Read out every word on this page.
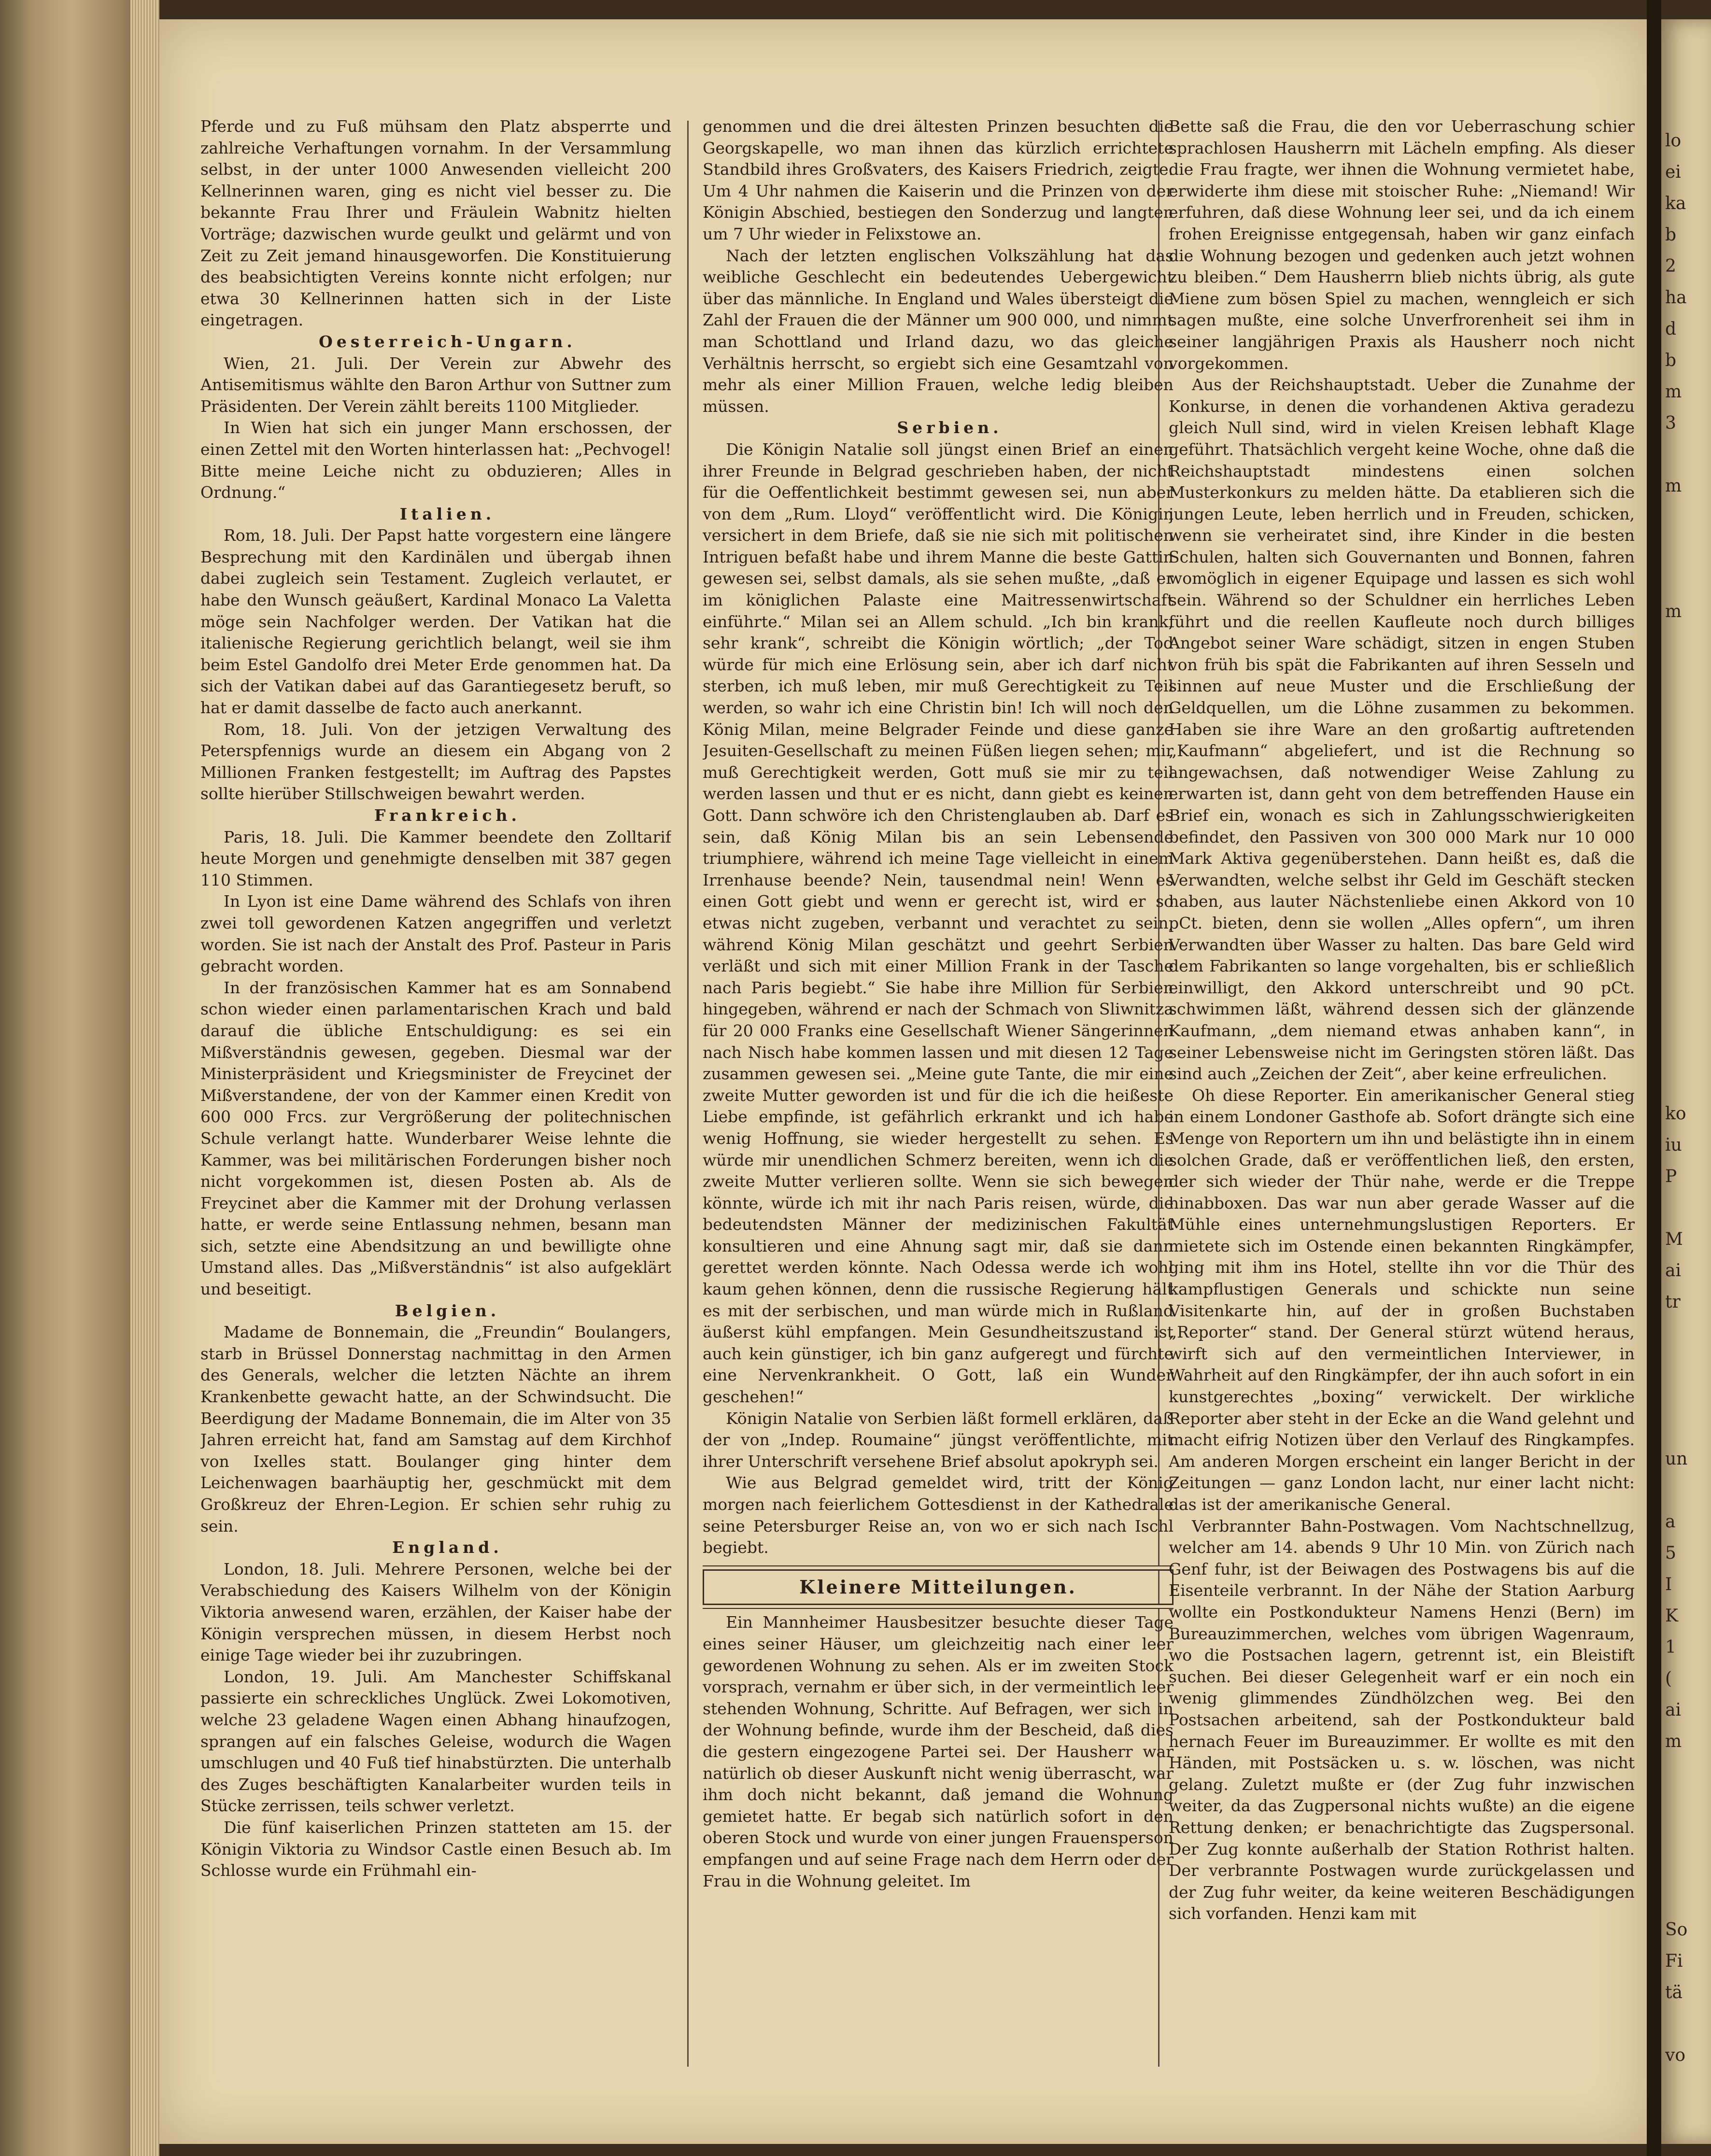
Pferde und zu Fuß mühsam den Platz absperrte und zahlreiche Verhaftungen vornahm. In der Versammlung selbst, in der unter 1000 Anwesenden vielleicht 200 Kellnerinnen waren, ging es nicht viel besser zu. Die bekannte Frau Ihrer und Fräulein Wabnitz hielten Vorträge; dazwischen wurde geulkt und gelärmt und von Zeit zu Zeit jemand hinausgeworfen. Die Konstituierung des beabsichtigten Vereins konnte nicht erfolgen; nur etwa 30 Kellnerinnen hatten sich in der Liste eingetragen.

Oesterreich-Ungarn.

Wien, 21. Juli. Der Verein zur Abwehr des Antisemitismus wählte den Baron Arthur von Suttner zum Präsidenten. Der Verein zählt bereits 1100 Mitglieder.

In Wien hat sich ein junger Mann erschossen, der einen Zettel mit den Worten hinterlassen hat: „Pechvogel! Bitte meine Leiche nicht zu obduzieren; Alles in Ordnung.“

Italien.

Rom, 18. Juli. Der Papst hatte vorgestern eine längere Besprechung mit den Kardinälen und übergab ihnen dabei zugleich sein Testament. Zugleich verlautet, er habe den Wunsch geäußert, Kardinal Monaco La Valetta möge sein Nachfolger werden. Der Vatikan hat die italienische Regierung gerichtlich belangt, weil sie ihm beim Estel Gandolfo drei Meter Erde genommen hat. Da sich der Vatikan dabei auf das Garantiegesetz beruft, so hat er damit dasselbe de facto auch anerkannt.

Rom, 18. Juli. Von der jetzigen Verwaltung des Peterspfennigs wurde an diesem ein Abgang von 2 Millionen Franken festgestellt; im Auftrag des Papstes sollte hierüber Stillschweigen bewahrt werden.

Frankreich.

Paris, 18. Juli. Die Kammer beendete den Zolltarif heute Morgen und genehmigte denselben mit 387 gegen 110 Stimmen.

In Lyon ist eine Dame während des Schlafs von ihren zwei toll gewordenen Katzen angegriffen und verletzt worden. Sie ist nach der Anstalt des Prof. Pasteur in Paris gebracht worden.

In der französischen Kammer hat es am Sonnabend schon wieder einen parlamentarischen Krach und bald darauf die übliche Entschuldigung: es sei ein Mißverständnis gewesen, gegeben. Diesmal war der Ministerpräsident und Kriegsminister de Freycinet der Mißverstandene, der von der Kammer einen Kredit von 600 000 Frcs. zur Vergrößerung der politechnischen Schule verlangt hatte. Wunderbarer Weise lehnte die Kammer, was bei militärischen Forderungen bisher noch nicht vorgekommen ist, diesen Posten ab. Als de Freycinet aber die Kammer mit der Drohung verlassen hatte, er werde seine Entlassung nehmen, besann man sich, setzte eine Abendsitzung an und bewilligte ohne Umstand alles. Das „Mißverständnis“ ist also aufgeklärt und beseitigt.

Belgien.

Madame de Bonnemain, die „Freundin“ Boulangers, starb in Brüssel Donnerstag nachmittag in den Armen des Generals, welcher die letzten Nächte an ihrem Krankenbette gewacht hatte, an der Schwindsucht. Die Beerdigung der Madame Bonnemain, die im Alter von 35 Jahren erreicht hat, fand am Samstag auf dem Kirchhof von Ixelles statt. Boulanger ging hinter dem Leichenwagen baarhäuptig her, geschmückt mit dem Großkreuz der Ehren-Legion. Er schien sehr ruhig zu sein.

England.

London, 18. Juli. Mehrere Personen, welche bei der Verabschiedung des Kaisers Wilhelm von der Königin Viktoria anwesend waren, erzählen, der Kaiser habe der Königin versprechen müssen, in diesem Herbst noch einige Tage wieder bei ihr zuzubringen.

London, 19. Juli. Am Manchester Schiffskanal passierte ein schreckliches Unglück. Zwei Lokomotiven, welche 23 geladene Wagen einen Abhang hinaufzogen, sprangen auf ein falsches Geleise, wodurch die Wagen umschlugen und 40 Fuß tief hinabstürzten. Die unterhalb des Zuges beschäftigten Kanalarbeiter wurden teils in Stücke zerrissen, teils schwer verletzt.

Die fünf kaiserlichen Prinzen statteten am 15. der Königin Viktoria zu Windsor Castle einen Besuch ab. Im Schlosse wurde ein Frühmahl ein-

genommen und die drei ältesten Prinzen besuchten die Georgskapelle, wo man ihnen das kürzlich errichtete Standbild ihres Großvaters, des Kaisers Friedrich, zeigte. Um 4 Uhr nahmen die Kaiserin und die Prinzen von der Königin Abschied, bestiegen den Sonderzug und langten um 7 Uhr wieder in Felixstowe an.

Nach der letzten englischen Volkszählung hat das weibliche Geschlecht ein bedeutendes Uebergewicht über das männliche. In England und Wales übersteigt die Zahl der Frauen die der Männer um 900 000, und nimmt man Schottland und Irland dazu, wo das gleiche Verhältnis herrscht, so ergiebt sich eine Gesamtzahl von mehr als einer Million Frauen, welche ledig bleiben müssen.

Serbien.

Die Königin Natalie soll jüngst einen Brief an einen ihrer Freunde in Belgrad geschrieben haben, der nicht für die Oeffentlichkeit bestimmt gewesen sei, nun aber von dem „Rum. Lloyd“ veröffentlicht wird. Die Königin versichert in dem Briefe, daß sie nie sich mit politischen Intriguen befaßt habe und ihrem Manne die beste Gattin gewesen sei, selbst damals, als sie sehen mußte, „daß er im königlichen Palaste eine Maitressenwirtschaft einführte.“ Milan sei an Allem schuld. „Ich bin krank, sehr krank“, schreibt die Königin wörtlich; „der Tod würde für mich eine Erlösung sein, aber ich darf nicht sterben, ich muß leben, mir muß Gerechtigkeit zu Teil werden, so wahr ich eine Christin bin! Ich will noch den König Milan, meine Belgrader Feinde und diese ganze Jesuiten-Gesellschaft zu meinen Füßen liegen sehen; mir muß Gerechtigkeit werden, Gott muß sie mir zu teil werden lassen und thut er es nicht, dann giebt es keinen Gott. Dann schwöre ich den Christenglauben ab. Darf es sein, daß König Milan bis an sein Lebensende triumphiere, während ich meine Tage vielleicht in einem Irrenhause beende? Nein, tausendmal nein! Wenn es einen Gott giebt und wenn er gerecht ist, wird er so etwas nicht zugeben, verbannt und verachtet zu sein, während König Milan geschätzt und geehrt Serbien verläßt und sich mit einer Million Frank in der Tasche nach Paris begiebt.“ Sie habe ihre Million für Serbien hingegeben, während er nach der Schmach von Sliwnitza für 20 000 Franks eine Gesellschaft Wiener Sängerinnen nach Nisch habe kommen lassen und mit diesen 12 Tage zusammen gewesen sei. „Meine gute Tante, die mir eine zweite Mutter geworden ist und für die ich die heißeste Liebe empfinde, ist gefährlich erkrankt und ich habe wenig Hoffnung, sie wieder hergestellt zu sehen. Es würde mir unendlichen Schmerz bereiten, wenn ich die zweite Mutter verlieren sollte. Wenn sie sich bewegen könnte, würde ich mit ihr nach Paris reisen, würde, die bedeutendsten Männer der medizinischen Fakultät konsultieren und eine Ahnung sagt mir, daß sie dann gerettet werden könnte. Nach Odessa werde ich wohl kaum gehen können, denn die russische Regierung hält es mit der serbischen, und man würde mich in Rußland äußerst kühl empfangen. Mein Gesundheitszustand ist auch kein günstiger, ich bin ganz aufgeregt und fürchte eine Nervenkrankheit. O Gott, laß ein Wunder geschehen!“

Königin Natalie von Serbien läßt formell erklären, daß der von „Indep. Roumaine“ jüngst veröffentlichte, mit ihrer Unterschrift versehene Brief absolut apokryph sei.

Wie aus Belgrad gemeldet wird, tritt der König morgen nach feierlichem Gottesdienst in der Kathedrale seine Petersburger Reise an, von wo er sich nach Ischl begiebt.

Kleinere Mitteilungen.

Ein Mannheimer Hausbesitzer besuchte dieser Tage eines seiner Häuser, um gleichzeitig nach einer leer gewordenen Wohnung zu sehen. Als er im zweiten Stock vorsprach, vernahm er über sich, in der vermeintlich leer stehenden Wohnung, Schritte. Auf Befragen, wer sich in der Wohnung befinde, wurde ihm der Bescheid, daß dies die gestern eingezogene Partei sei. Der Hausherr war natürlich ob dieser Auskunft nicht wenig überrascht, war ihm doch nicht bekannt, daß jemand die Wohnung gemietet hatte. Er begab sich natürlich sofort in den oberen Stock und wurde von einer jungen Frauensperson empfangen und auf seine Frage nach dem Herrn oder der Frau in die Wohnung geleitet. Im

Bette saß die Frau, die den vor Ueberraschung schier sprachlosen Hausherrn mit Lächeln empfing. Als dieser die Frau fragte, wer ihnen die Wohnung vermietet habe, erwiderte ihm diese mit stoischer Ruhe: „Niemand! Wir erfuhren, daß diese Wohnung leer sei, und da ich einem frohen Ereignisse entgegensah, haben wir ganz einfach die Wohnung bezogen und gedenken auch jetzt wohnen zu bleiben.“ Dem Hausherrn blieb nichts übrig, als gute Miene zum bösen Spiel zu machen, wenngleich er sich sagen mußte, eine solche Unverfrorenheit sei ihm in seiner langjährigen Praxis als Hausherr noch nicht vorgekommen.

Aus der Reichshauptstadt. Ueber die Zunahme der Konkurse, in denen die vorhandenen Aktiva geradezu gleich Null sind, wird in vielen Kreisen lebhaft Klage geführt. Thatsächlich vergeht keine Woche, ohne daß die Reichshauptstadt mindestens einen solchen Musterkonkurs zu melden hätte. Da etablieren sich die jungen Leute, leben herrlich und in Freuden, schicken, wenn sie verheiratet sind, ihre Kinder in die besten Schulen, halten sich Gouvernanten und Bonnen, fahren womöglich in eigener Equipage und lassen es sich wohl sein. Während so der Schuldner ein herrliches Leben führt und die reellen Kaufleute noch durch billiges Angebot seiner Ware schädigt, sitzen in engen Stuben von früh bis spät die Fabrikanten auf ihren Sesseln und sinnen auf neue Muster und die Erschließung der Geldquellen, um die Löhne zusammen zu bekommen. Haben sie ihre Ware an den großartig auftretenden „Kaufmann“ abgeliefert, und ist die Rechnung so angewachsen, daß notwendiger Weise Zahlung zu erwarten ist, dann geht von dem betreffenden Hause ein Brief ein, wonach es sich in Zahlungsschwierigkeiten befindet, den Passiven von 300 000 Mark nur 10 000 Mark Aktiva gegenüberstehen. Dann heißt es, daß die Verwandten, welche selbst ihr Geld im Geschäft stecken haben, aus lauter Nächstenliebe einen Akkord von 10 pCt. bieten, denn sie wollen „Alles opfern“, um ihren Verwandten über Wasser zu halten. Das bare Geld wird dem Fabrikanten so lange vorgehalten, bis er schließlich einwilligt, den Akkord unterschreibt und 90 pCt. schwimmen läßt, während dessen sich der glänzende Kaufmann, „dem niemand etwas anhaben kann“, in seiner Lebensweise nicht im Geringsten stören läßt. Das sind auch „Zeichen der Zeit“, aber keine erfreulichen.

Oh diese Reporter. Ein amerikanischer General stieg in einem Londoner Gasthofe ab. Sofort drängte sich eine Menge von Reportern um ihn und belästigte ihn in einem solchen Grade, daß er veröffentlichen ließ, den ersten, der sich wieder der Thür nahe, werde er die Treppe hinabboxen. Das war nun aber gerade Wasser auf die Mühle eines unternehmungslustigen Reporters. Er mietete sich im Ostende einen bekannten Ringkämpfer, ging mit ihm ins Hotel, stellte ihn vor die Thür des kampflustigen Generals und schickte nun seine Visitenkarte hin, auf der in großen Buchstaben „Reporter“ stand. Der General stürzt wütend heraus, wirft sich auf den vermeintlichen Interviewer, in Wahrheit auf den Ringkämpfer, der ihn auch sofort in ein kunstgerechtes „boxing“ verwickelt. Der wirkliche Reporter aber steht in der Ecke an die Wand gelehnt und macht eifrig Notizen über den Verlauf des Ringkampfes. Am anderen Morgen erscheint ein langer Bericht in der Zeitungen — ganz London lacht, nur einer lacht nicht: das ist der amerikanische General.

Verbrannter Bahn-Postwagen. Vom Nachtschnellzug, welcher am 14. abends 9 Uhr 10 Min. von Zürich nach Genf fuhr, ist der Beiwagen des Postwagens bis auf die Eisenteile verbrannt. In der Nähe der Station Aarburg wollte ein Postkondukteur Namens Henzi (Bern) im Bureauzimmerchen, welches vom übrigen Wagenraum, wo die Postsachen lagern, getrennt ist, ein Bleistift suchen. Bei dieser Gelegenheit warf er ein noch ein wenig glimmendes Zündhölzchen weg. Bei den Postsachen arbeitend, sah der Postkondukteur bald hernach Feuer im Bureauzimmer. Er wollte es mit den Händen, mit Postsäcken u. s. w. löschen, was nicht gelang. Zuletzt mußte er (der Zug fuhr inzwischen weiter, da das Zugpersonal nichts wußte) an die eigene Rettung denken; er benachrichtigte das Zugspersonal. Der Zug konnte außerhalb der Station Rothrist halten. Der verbrannte Postwagen wurde zurückgelassen und der Zug fuhr weiter, da keine weiteren Beschädigungen sich vorfanden. Henzi kam mit

lo
ei
ka
b
2
ha
d
b
m
3
m
m
ko
iu
P
M
ai
tr
un
a
5
I
K
1
(
ai
m
So
Fi
tä
vo
